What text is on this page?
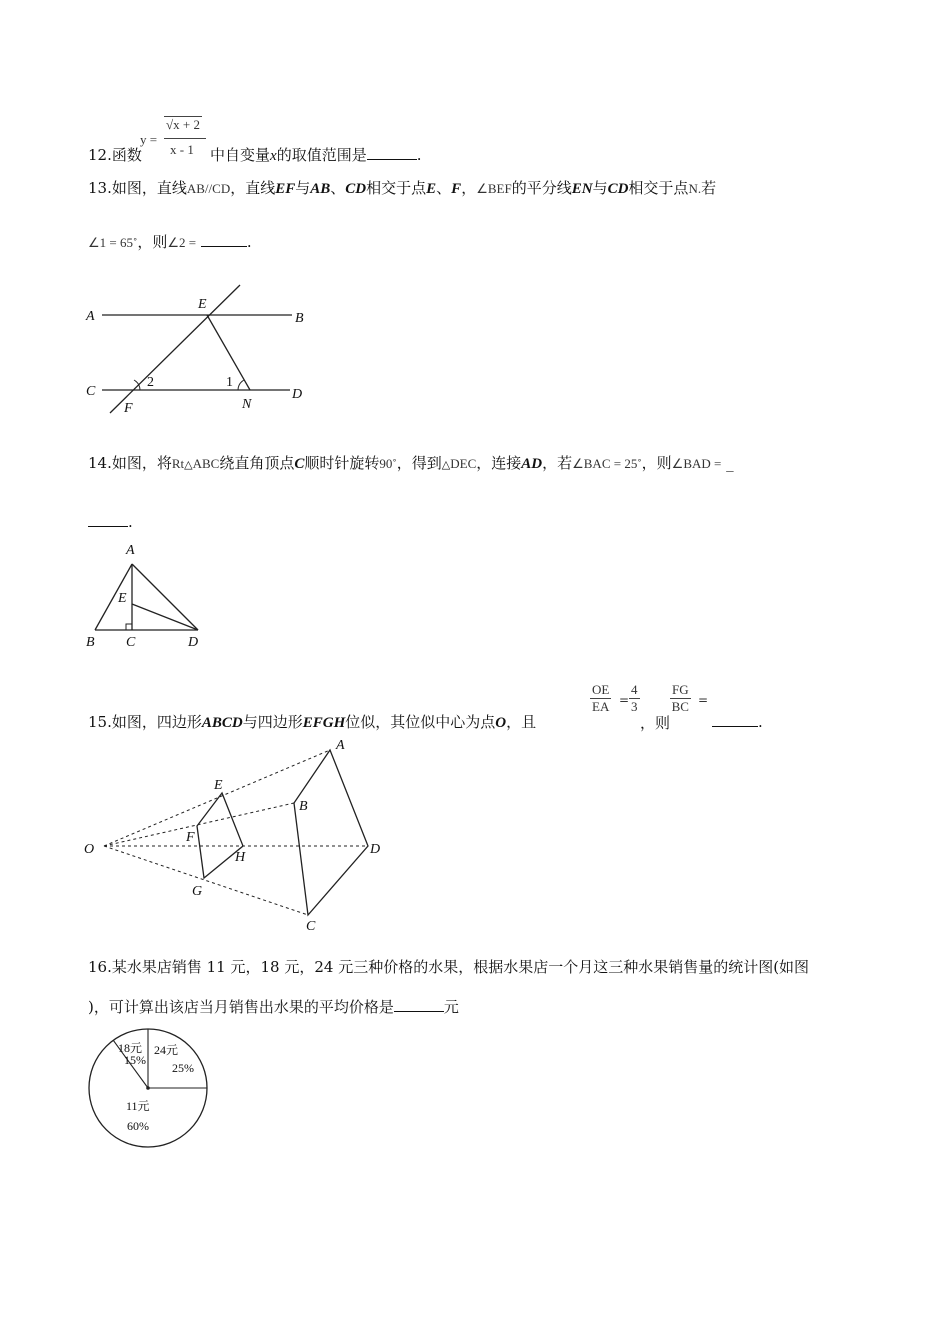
12.函数
y =
√x + 2
x - 1 中自变量x的取值范围是	.
13.如图，直线AB//CD，直线EF与AB、CD相交于点E、F，∠BEF的平分线EN与CD相交于点N.若
∠1 = 65˚，则∠2 =	.
A	B
E
C	D
F	N
1
2
14.如图，将Rt△ABC绕直角顶点C顺时针旋转90˚，得到△DEC，连接AD，若∠BAC = 25˚，则∠BAD = _
.
A
E
B C	D
15.如图，四边形ABCD与四边形EFGH位似，其位似中心为点O，且
$\frac{OE}{EA} = \frac{4}{3}$
，则
$\frac{FG}{BC}$ =
.
O
A
B
C
D
E
F
G
H
16.某水果店销售 11 元，18 元，24 元三种价格的水果，根据水果店一个月这三种水果销售量的统计图(如图
)，可计算出该店当月销售出水果的平均价格是	元
18元
15%
24元
25%
11元
60%
